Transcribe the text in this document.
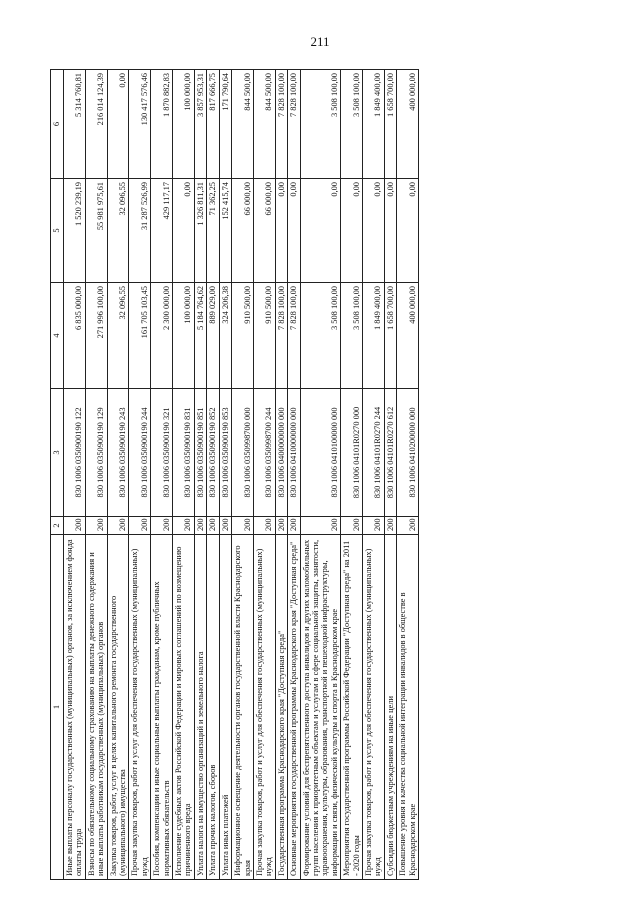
211
1	2	3	4	5	6
Иные выплаты персоналу государственных (муниципальных) органов, за исключением фонда оплаты труда	200	830 1006 0350900190 122	6 835 000,00	1 520 239,19	5 314 760,81
Взносы по обязательному социальному страхованию на выплаты денежного содержания и иные выплаты работникам государственных (муниципальных) органов	200	830 1006 0350900190 129	271 996 100,00	55 981 975,61	216 014 124,39
Закупка товаров, работ, услуг в целях капитального ремонта государственного (муниципального) имущества	200	830 1006 0350900190 243	32 096,55	32 096,55	0,00
Прочая закупка товаров, работ и услуг для обеспечения государственных (муниципальных) нужд	200	830 1006 0350900190 244	161 705 103,45	31 287 526,99	130 417 576,46
Пособия, компенсации и иные социальные выплаты гражданам, кроме публичных нормативных обязательств	200	830 1006 0350900190 321	2 300 000,00	429 117,17	1 870 882,83
Исполнение судебных актов Российской Федерации и мировых соглашений по возмещению причиненного вреда	200	830 1006 0350900190 831	100 000,00	0,00	100 000,00
Уплата налога на имущество организаций и земельного налога	200	830 1006 0350900190 851	5 184 764,62	1 326 811,31	3 857 953,31
Уплата прочих налогов, сборов	200	830 1006 0350900190 852	889 029,00	71 362,25	817 666,75
Уплата иных платежей	200	830 1006 0350900190 853	324 206,38	152 415,74	171 790,64
Информационное освещение деятельности органов государственной власти Краснодарского края	200	830 1006 0350998700 000	910 500,00	66 000,00	844 500,00
Прочая закупка товаров, работ и услуг для обеспечения государственных (муниципальных) нужд	200	830 1006 0350998700 244	910 500,00	66 000,00	844 500,00
Государственная программа Краснодарского края "Доступная среда"	200	830 1006 0400000000 000	7 828 100,00	0,00	7 828 100,00
Основные мероприятия государственной программы Краснодарского края "Доступная среда"	200	830 1006 0410000000 000	7 828 100,00	0,00	7 828 100,00
Формирование условий для беспрепятственного доступа инвалидов и других маломобильных групп населения к приоритетным объектам и услугам в сфере социальной защиты, занятости, здравоохранения, культуры, образования, транспортной и пешеходной инфраструктуры, информации и связи, физической культуры и спорта в Краснодарском крае	200	830 1006 0410100000 000	3 508 100,00	0,00	3 508 100,00
Мероприятия государственной программы Российской Федерации "Доступная среда" на 2011 - 2020 годы	200	830 1006 04101R0270 000	3 508 100,00	0,00	3 508 100,00
Прочая закупка товаров, работ и услуг для обеспечения государственных (муниципальных) нужд	200	830 1006 04101R0270 244	1 849 400,00	0,00	1 849 400,00
Субсидии бюджетным учреждениям на иные цели	200	830 1006 04101R0270 612	1 658 700,00	0,00	1 658 700,00
Повышение уровня и качества социальной интеграции инвалидов в обществе в Краснодарском крае	200	830 1006 0410200000 000	400 000,00	0,00	400 000,00
